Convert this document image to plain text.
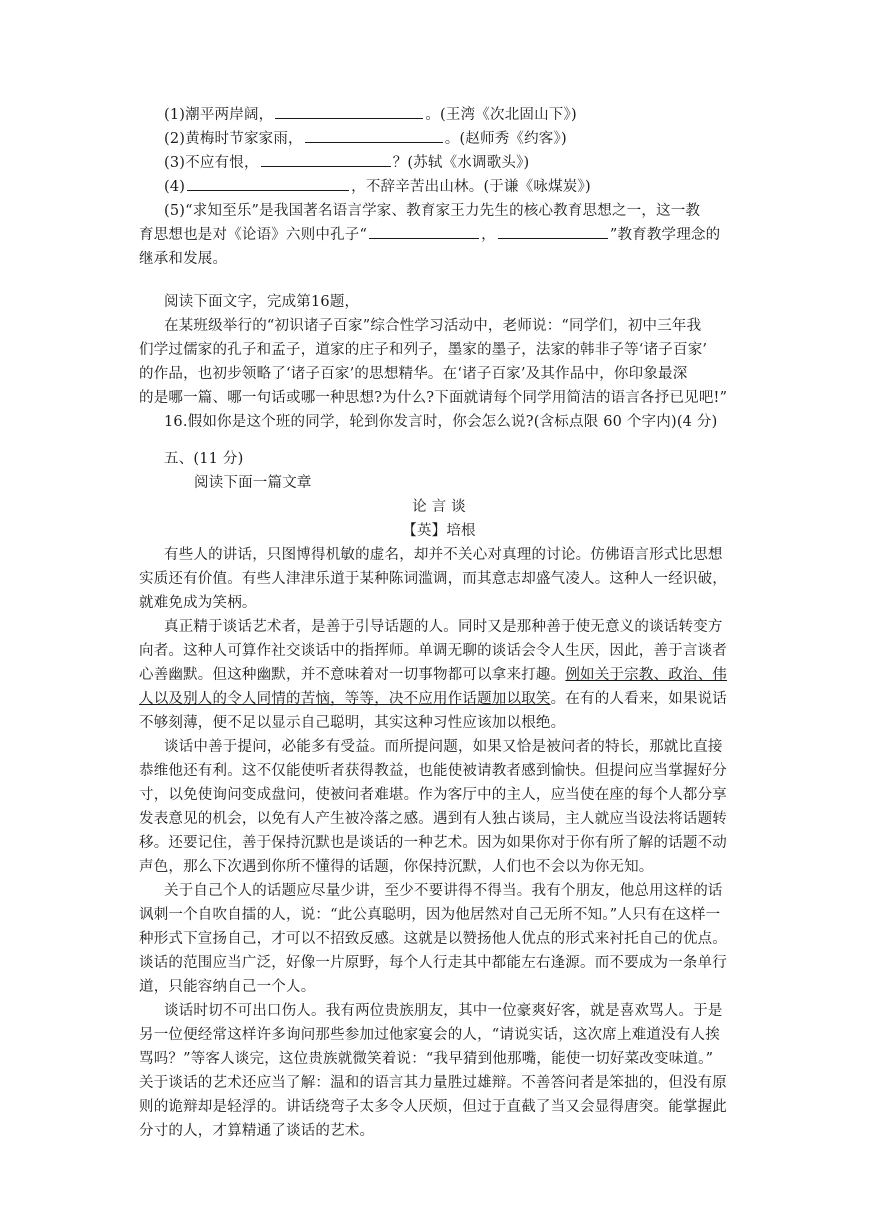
(1)潮平两岸阔，	。(王湾《次北固山下》)
(2)黄梅时节家家雨，	。(赵师秀《约客》)
(3)不应有恨，	？(苏轼《水调歌头》)
(4)	，不辞辛苦出山林。(于谦《咏煤炭》)
(5)“求知至乐”是我国著名语言学家、教育家王力先生的核心教育思想之一，这一教
育思想也是对《论语》六则中孔子“	，	”教育教学理念的
继承和发展。
阅读下面文字，完成第16题，
在某班级举行的“初识诸子百家”综合性学习活动中，老师说：“同学们，初中三年我
们学过儒家的孔子和孟子，道家的庄子和列子，墨家的墨子，法家的韩非子等‘诸子百家’
的作品，也初步领略了‘诸子百家’的思想精华。在‘诸子百家’及其作品中，你印象最深
的是哪一篇、哪一句话或哪一种思想?为什么?下面就请每个同学用简洁的语言各抒已见吧!”
16.假如你是这个班的同学，轮到你发言时，你会怎么说?(含标点限 60 个字内)(4 分)
五、(11 分)
阅读下面一篇文章
论 言 谈
【英】培根
有些人的讲话，只图博得机敏的虚名，却并不关心对真理的讨论。仿佛语言形式比思想
实质还有价值。有些人津津乐道于某种陈词滥调，而其意志却盛气凌人。这种人一经识破，
就难免成为笑柄。
真正精于谈话艺术者，是善于引导话题的人。同时又是那种善于使无意义的谈话转变方
向者。这种人可算作社交谈话中的指挥师。单调无聊的谈话会令人生厌，因此，善于言谈者
心善幽默。但这种幽默，并不意味着对一切事物都可以拿来打趣。例如关于宗教、政治、伟
人以及别人的令人同情的苦恼，等等，决不应用作话题加以取笑。在有的人看来，如果说话
不够刻薄，便不足以显示自己聪明，其实这种习性应该加以根绝。
谈话中善于提问，必能多有受益。而所提问题，如果又恰是被问者的特长，那就比直接
恭维他还有利。这不仅能使听者获得教益，也能使被请教者感到愉快。但提问应当掌握好分
寸，以免使询问变成盘问，使被问者难堪。作为客厅中的主人，应当使在座的每个人都分享
发表意见的机会，以免有人产生被冷落之感。遇到有人独占谈局，主人就应当设法将话题转
移。还要记住，善于保持沉默也是谈话的一种艺术。因为如果你对于你有所了解的话题不动
声色，那么下次遇到你所不懂得的话题，你保持沉默，人们也不会以为你无知。
关于自己个人的话题应尽量少讲，至少不要讲得不得当。我有个朋友，他总用这样的话
讽刺一个自吹自擂的人，说：“此公真聪明，因为他居然对自己无所不知。”人只有在这样一
种形式下宣扬自己，才可以不招致反感。这就是以赞扬他人优点的形式来衬托自己的优点。
谈话的范围应当广泛，好像一片原野，每个人行走其中都能左右逢源。而不要成为一条单行
道，只能容纳自己一个人。
谈话时切不可出口伤人。我有两位贵族朋友，其中一位豪爽好客，就是喜欢骂人。于是
另一位便经常这样许多询问那些参加过他家宴会的人，“请说实话，这次席上难道没有人挨
骂吗？”等客人谈完，这位贵族就微笑着说：“我早猜到他那嘴，能使一切好菜改变味道。”
关于谈话的艺术还应当了解：温和的语言其力量胜过雄辩。不善答问者是笨拙的，但没有原
则的诡辩却是轻浮的。讲话绕弯子太多令人厌烦，但过于直截了当又会显得唐突。能掌握此
分寸的人，才算精通了谈话的艺术。
